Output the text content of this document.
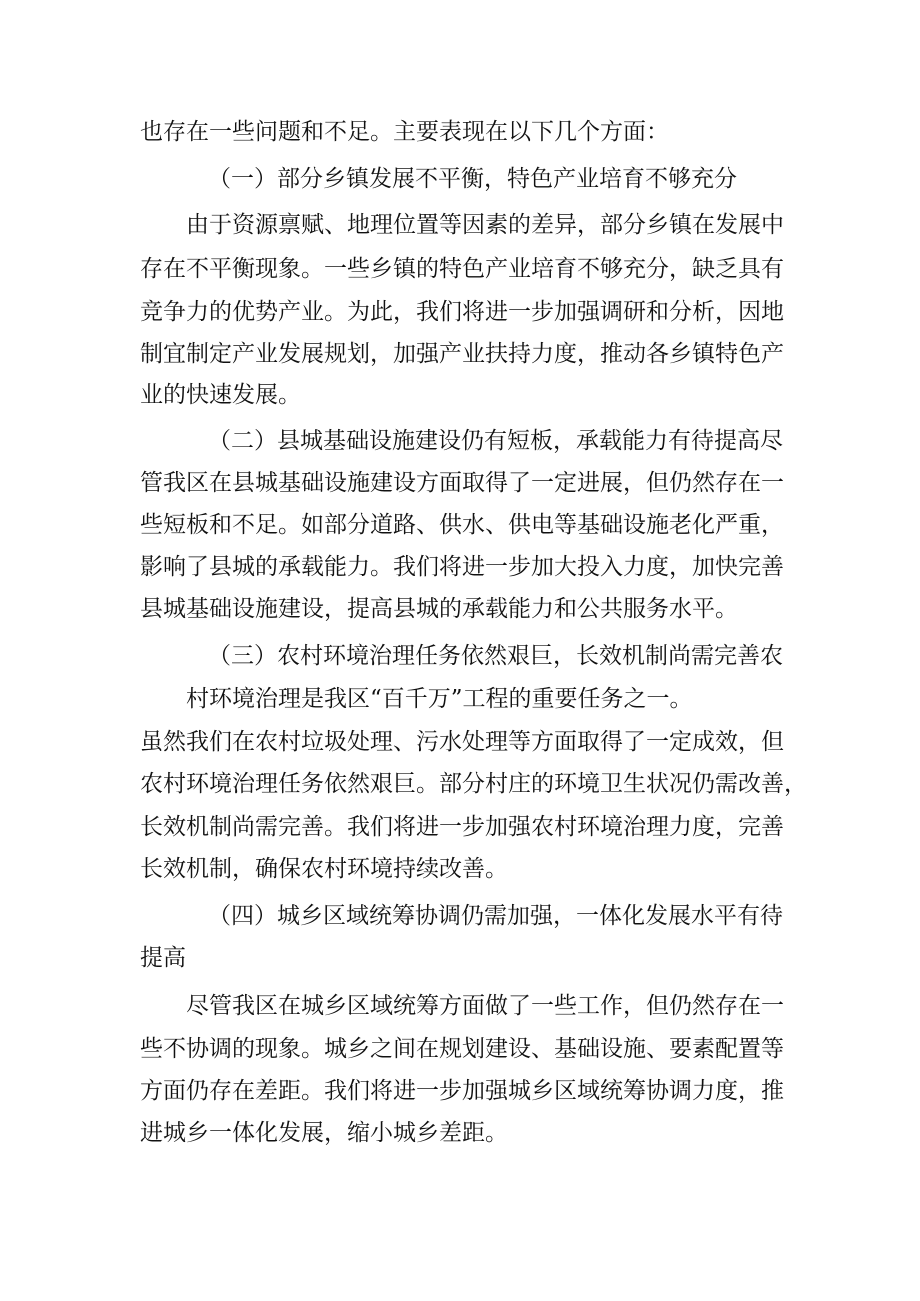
也存在一些问题和不足。主要表现在以下几个方面：
（一）部分乡镇发展不平衡，特色产业培育不够充分
由于资源禀赋、地理位置等因素的差异，部分乡镇在发展中
存在不平衡现象。一些乡镇的特色产业培育不够充分，缺乏具有
竞争力的优势产业。为此，我们将进一步加强调研和分析，因地
制宜制定产业发展规划，加强产业扶持力度，推动各乡镇特色产
业的快速发展。
（二）县城基础设施建设仍有短板，承载能力有待提高尽
管我区在县城基础设施建设方面取得了一定进展，但仍然存在一
些短板和不足。如部分道路、供水、供电等基础设施老化严重，
影响了县城的承载能力。我们将进一步加大投入力度，加快完善
县城基础设施建设，提高县城的承载能力和公共服务水平。
（三）农村环境治理任务依然艰巨，长效机制尚需完善农
村环境治理是我区“百千万”工程的重要任务之一。
虽然我们在农村垃圾处理、污水处理等方面取得了一定成效，但
农村环境治理任务依然艰巨。部分村庄的环境卫生状况仍需改善，
长效机制尚需完善。我们将进一步加强农村环境治理力度，完善
长效机制，确保农村环境持续改善。
（四）城乡区域统筹协调仍需加强，一体化发展水平有待
提高
尽管我区在城乡区域统筹方面做了一些工作，但仍然存在一
些不协调的现象。城乡之间在规划建设、基础设施、要素配置等
方面仍存在差距。我们将进一步加强城乡区域统筹协调力度，推
进城乡一体化发展，缩小城乡差距。
